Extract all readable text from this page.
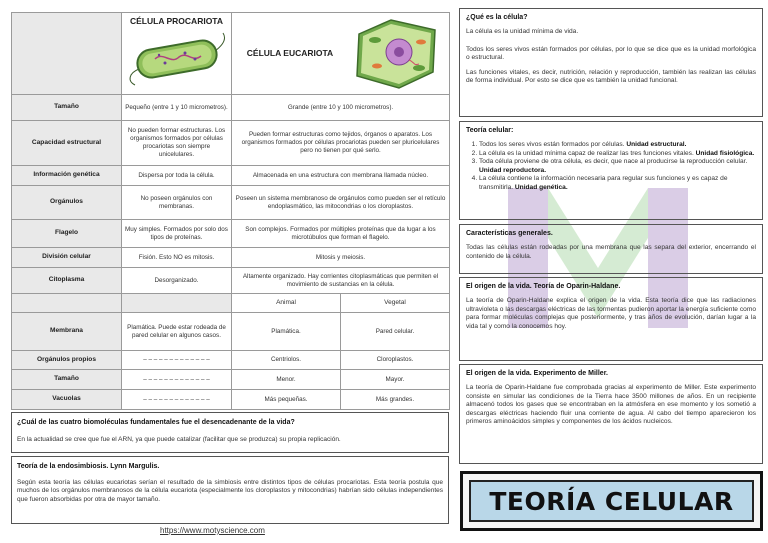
	CÉLULA PROCARIOTA	CÉLULA EUCARIOTA	

Tamaño	Pequeño (entre 1 y 10 micrometros).	Grande (entre 10 y 100 micrometros).	
Capacidad estructural	No pueden formar estructuras. Los organismos formados por células procariotas son siempre unicelulares.	Pueden formar estructuras como tejidos, órganos o aparatos. Los organismos formados por células procariotas pueden ser pluricelulares pero no tienen por qué serlo.	
Información genética	Dispersa por toda la célula.	Almacenada en una estructura con membrana llamada núcleo.	
Orgánulos	No poseen orgánulos con membranas.	Poseen un sistema membranoso de orgánulos como pueden ser el retículo endoplasmático, las mitocondrias o los cloroplastos.	
Flagelo	Muy simples. Formados por solo dos tipos de proteínas.	Son complejos. Formados por múltiples proteínas que da lugar a los microtúbulos que forman el flagelo.	
División celular	Fisión. Esto NO es mitosis.	Mitosis y meiosis.	
Citoplasma	Desorganizado.	Altamente organizado. Hay corrientes citoplasmáticas que permiten el movimiento de sustancias en la célula.	
		Animal	Vegetal
Membrana	Plamática. Puede estar rodeada de pared celular en algunos casos.	Plamática.	Pared celular.
Orgánulos propios	– – – – – – – – – – – – –	Centriolos.	Cloroplastos.
Tamaño	– – – – – – – – – – – – –	Menor.	Mayor.
Vacuolas	– – – – – – – – – – – – –	Más pequeñas.	Más grandes.
¿Cuál de las cuatro biomoléculas fundamentales fue el desencadenante de la vida?

En la actualidad se cree que fue el ARN, ya que puede catalizar (facilitar que se produzca) su propia replicación.

Teoría de la endosimbiosis. Lynn Margulis.

Según esta teoría las células eucariotas serían el resultado de la simbiosis entre distintos tipos de células procariotas. Esta teoría postula que muchos de los orgánulos membranosos de la célula eucariota (especialmente los cloroplastos y mitocondrias) habrían sido células independientes que fueron absorbidas por otra de mayor tamaño.

https://www.motyscience.com
¿Qué es la célula?

La célula es la unidad mínima de vida.

Todos los seres vivos están formados por células, por lo que se dice que es la unidad morfológica o estructural.

Las funciones vitales, es decir, nutrición, relación y reproducción, también las realizan las células de forma individual. Por esto se dice que es también la unidad funcional.

Teoría celular:
1. Todos los seres vivos están formados por células. Unidad estructural.
2. La célula es la unidad mínima capaz de realizar las tres funciones vitales. Unidad fisiológica.
3. Toda célula proviene de otra célula, es decir, que nace al producirse la reproducción celular. Unidad reproductora.
4. La célula contiene la información necesaria para regular sus funciones y es capaz de transmitirla. Unidad genética.
Características generales.

Todas las células están rodeadas por una membrana que las separa del exterior, encerrando el contenido de la célula.

El origen de la vida. Teoría de Oparin-Haldane.

La teoría de Oparin-Haldane explica el origen de la vida. Esta teoría dice que las radiaciones ultravioleta o las descargas eléctricas de las tormentas pudieron aportar la energía suficiente como para formar moléculas complejas que posteriormente, y tras años de evolución, darían lugar a la vida tal y como la conocemos hoy.

El origen de la vida. Experimento de Miller.

La teoría de Oparin-Haldane fue comprobada gracias al experimento de Miller. Este experimento consiste en simular las condiciones de la Tierra hace 3500 millones de años. En un recipiente almacenó todos los gases que se encontraban en la atmósfera en ese momento y los sometió a descargas eléctricas haciendo fluir una corriente de agua. Al cabo del tiempo aparecieron los primeros aminoácidos simples y componentes de los ácidos nucleicos.

TEORÍA CELULAR
